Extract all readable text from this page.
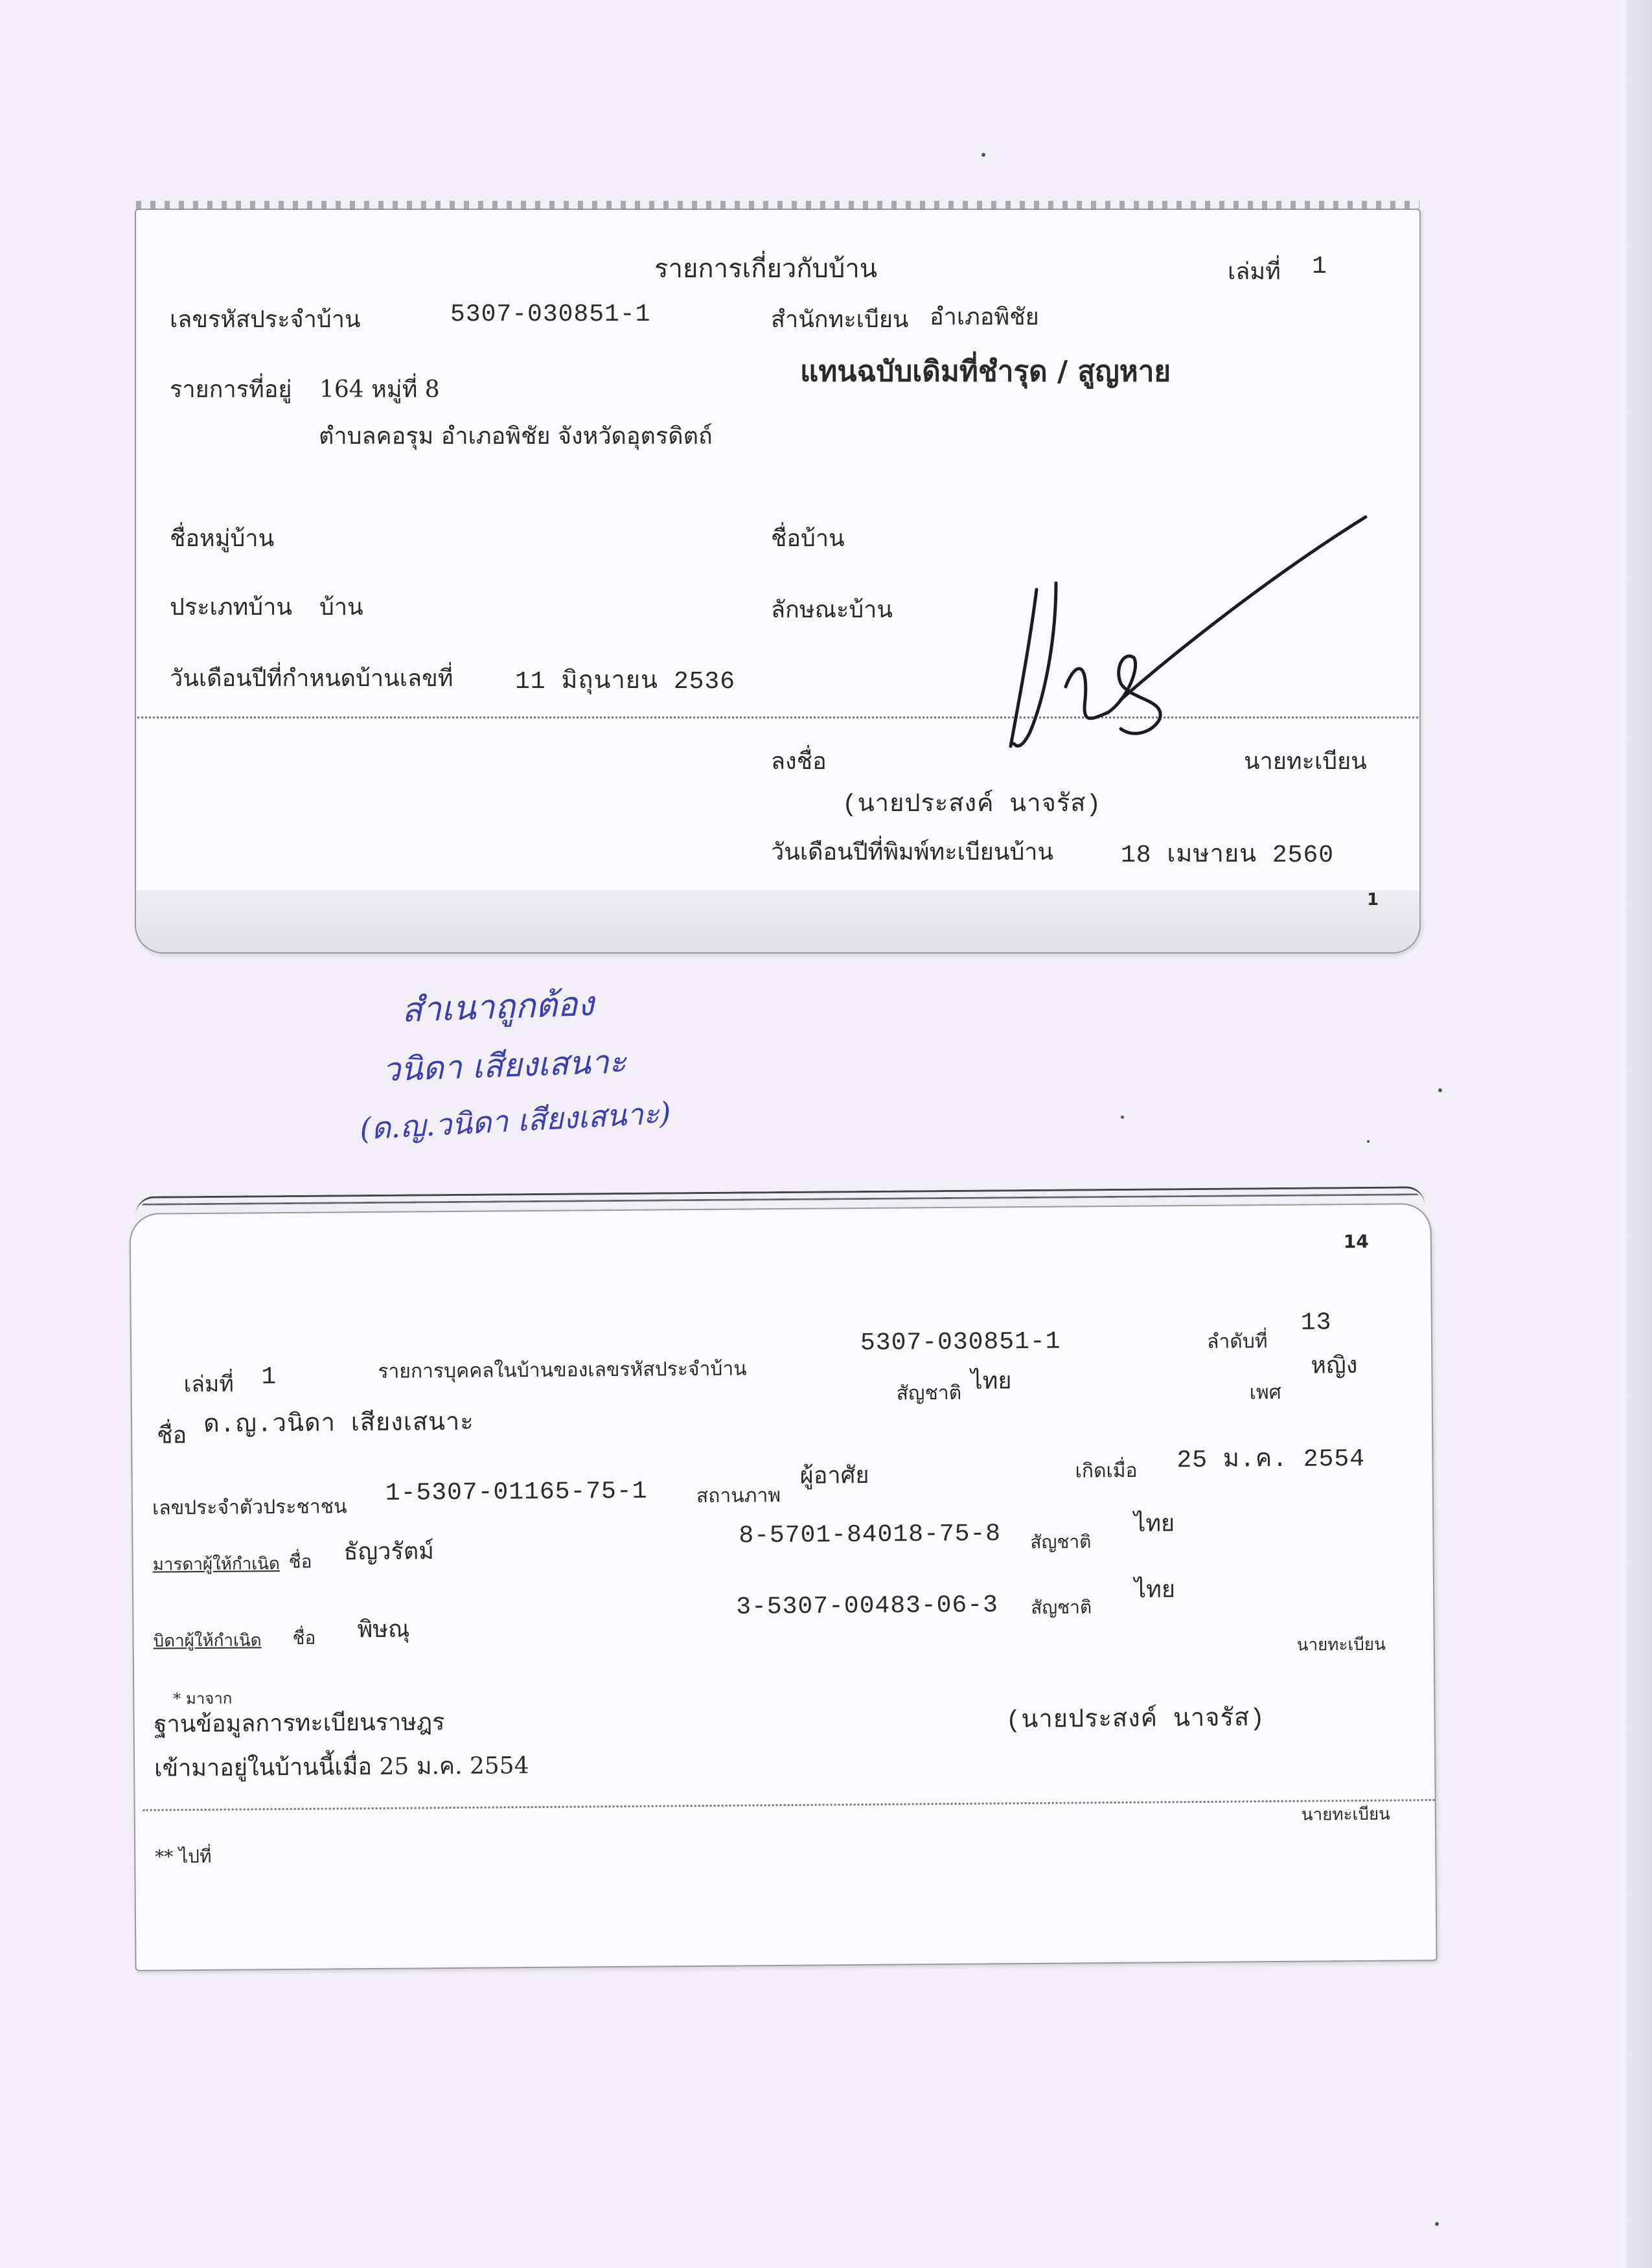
รายการเกี่ยวกับบ้าน	เล่มที่ 1
เลขรหัสประจำบ้าน	5307-030851-1	สำนักทะเบียน อำเภอพิชัย
แทนฉบับเดิมที่ชำรุด / สูญหาย
รายการที่อยู่ 164 หมู่ที่ 8
ตำบลคอรุม อำเภอพิชัย จังหวัดอุตรดิตถ์
ชื่อหมู่บ้าน	ชื่อบ้าน
ประเภทบ้าน บ้าน	ลักษณะบ้าน
วันเดือนปีที่กำหนดบ้านเลขที่	11 มิถุนายน 2536
ลงชื่อ	นายทะเบียน
(นายประสงค์ นาจรัส)
วันเดือนปีที่พิมพ์ทะเบียนบ้าน	18 เมษายน 2560
1
สำเนาถูกต้อง
วนิดา เสียงเสนาะ
(ด.ญ.วนิดา เสียงเสนาะ)
14
เล่มที่ 1	รายการบุคคลในบ้านของเลขรหัสประจำบ้าน
5307-030851-1	ลำดับที่
13
ชื่อ ด.ญ.วนิดา เสียงเสนาะ
สัญชาติ ไทย	เพศ
หญิง
เลขประจำตัวประชาชน
1-5307-01165-75-1	สถานภาพ
ผู้อาศัย	เกิดเมื่อ 25 ม.ค. 2554
มารดาผู้ให้กำเนิด ชื่อ ธัญวรัตม์
8-5701-84018-75-8 สัญชาติ
ไทย
บิดาผู้ให้กำเนิด ชื่อ พิษณุ
3-5307-00483-06-3 สัญชาติ
ไทย
นายทะเบียน
* มาจาก
ฐานข้อมูลการทะเบียนราษฎร	(นายประสงค์ นาจรัส)
เข้ามาอยู่ในบ้านนี้เมื่อ 25 ม.ค. 2554
นายทะเบียน
** ไปที่
